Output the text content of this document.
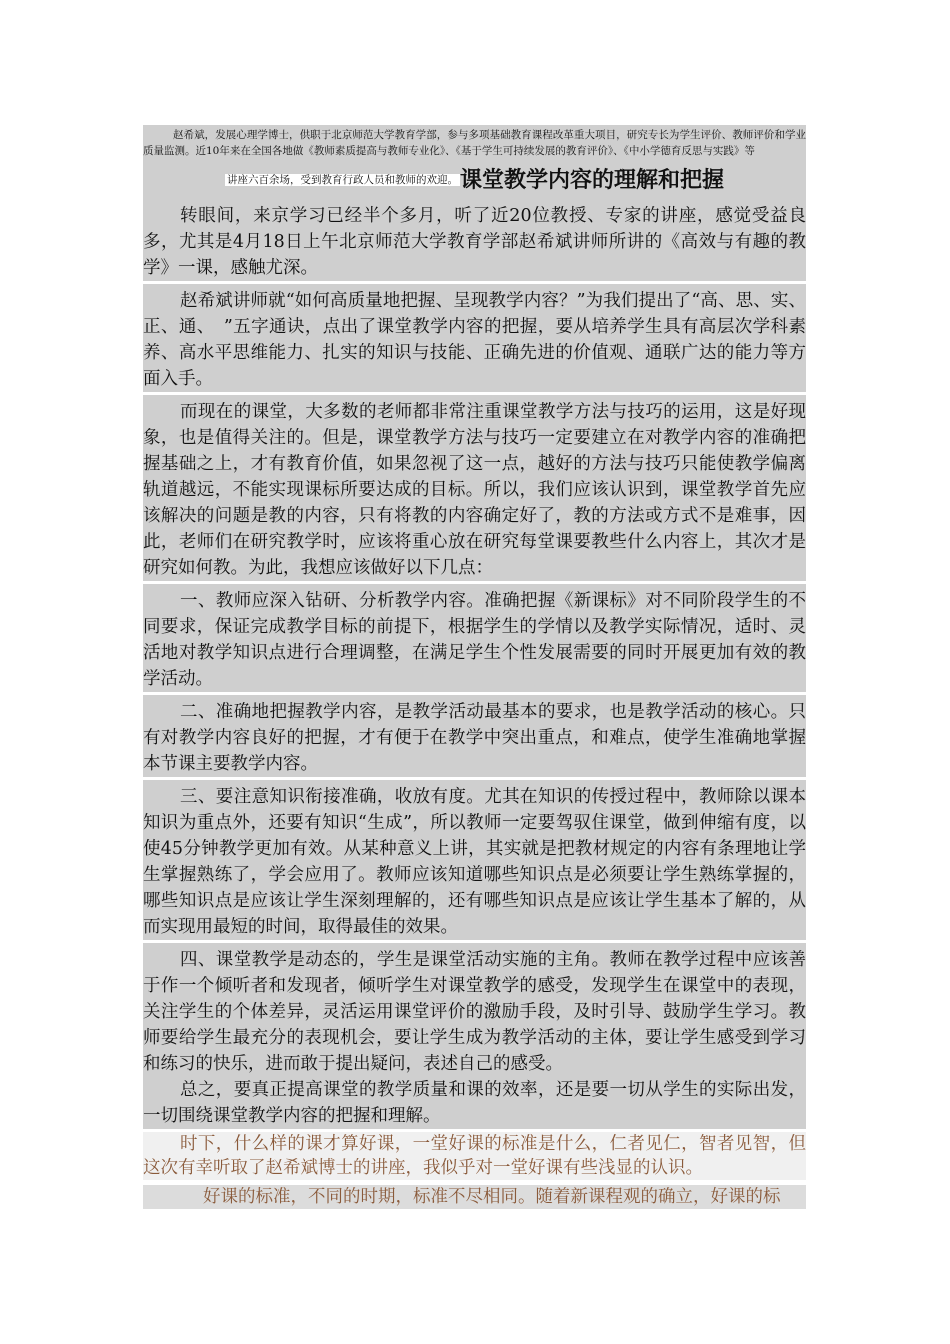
赵希斌，发展心理学博士，供职于北京师范大学教育学部，参与多项基础教育课程改革重大项目，研究专长为学生评价、教师评价和学业质量监测。近10年来在全国各地做《教师素质提高与教师专业化》、《基于学生可持续发展的教育评价》、《中小学德育反思与实践》等
$^{讲座六百余场,受到教育行政人员和教师的欢迎。}$课堂教学内容的理解和把握

转眼间，来京学习已经半个多月，听了近20位教授、专家的讲座，感觉受益良多，尤其是4月18日上午北京师范大学教育学部赵希斌讲师所讲的《高效与有趣的教学》一课，感触尤深。

赵希斌讲师就“如何高质量地把握、呈现教学内容？”为我们提出了“高、思、实、正、通、　”五字通诀，点出了课堂教学内容的把握，要从培养学生具有高层次学科素养、高水平思维能力、扎实的知识与技能、正确先进的价值观、通联广达的能力等方面入手。

而现在的课堂，大多数的老师都非常注重课堂教学方法与技巧的运用，这是好现象，也是值得关注的。但是，课堂教学方法与技巧一定要建立在对教学内容的准确把握基础之上，才有教育价值，如果忽视了这一点，越好的方法与技巧只能使教学偏离轨道越远，不能实现课标所要达成的目标。所以，我们应该认识到，课堂教学首先应该解决的问题是教的内容，只有将教的内容确定好了，教的方法或方式不是难事，因此，老师们在研究教学时，应该将重心放在研究每堂课要教些什么内容上，其次才是研究如何教。为此，我想应该做好以下几点：

一、教师应深入钻研、分析教学内容。准确把握《新课标》对不同阶段学生的不同要求，保证完成教学目标的前提下，根据学生的学情以及教学实际情况，适时、灵活地对教学知识点进行合理调整，在满足学生个性发展需要的同时开展更加有效的教学活动。

二、准确地把握教学内容，是教学活动最基本的要求，也是教学活动的核心。只有对教学内容良好的把握，才有便于在教学中突出重点，和难点，使学生准确地掌握本节课主要教学内容。

三、要注意知识衔接准确，收放有度。尤其在知识的传授过程中，教师除以课本知识为重点外，还要有知识“生成”，所以教师一定要驾驭住课堂，做到伸缩有度，以使45分钟教学更加有效。从某种意义上讲，其实就是把教材规定的内容有条理地让学生掌握熟练了，学会应用了。教师应该知道哪些知识点是必须要让学生熟练掌握的，哪些知识点是应该让学生深刻理解的，还有哪些知识点是应该让学生基本了解的，从而实现用最短的时间，取得最佳的效果。

四、课堂教学是动态的，学生是课堂活动实施的主角。教师在教学过程中应该善于作一个倾听者和发现者，倾听学生对课堂教学的感受，发现学生在课堂中的表现，关注学生的个体差异，灵活运用课堂评价的激励手段，及时引导、鼓励学生学习。教师要给学生最充分的表现机会，要让学生成为教学活动的主体，要让学生感受到学习和练习的快乐，进而敢于提出疑问，表述自己的感受。

总之，要真正提高课堂的教学质量和课的效率，还是要一切从学生的实际出发，一切围绕课堂教学内容的把握和理解。

时下，什么样的课才算好课，一堂好课的标准是什么，仁者见仁，智者见智，但这次有幸听取了赵希斌博士的讲座，我似乎对一堂好课有些浅显的认识。

好课的标准，不同的时期，标准不尽相同。随着新课程观的确立，好课的标
